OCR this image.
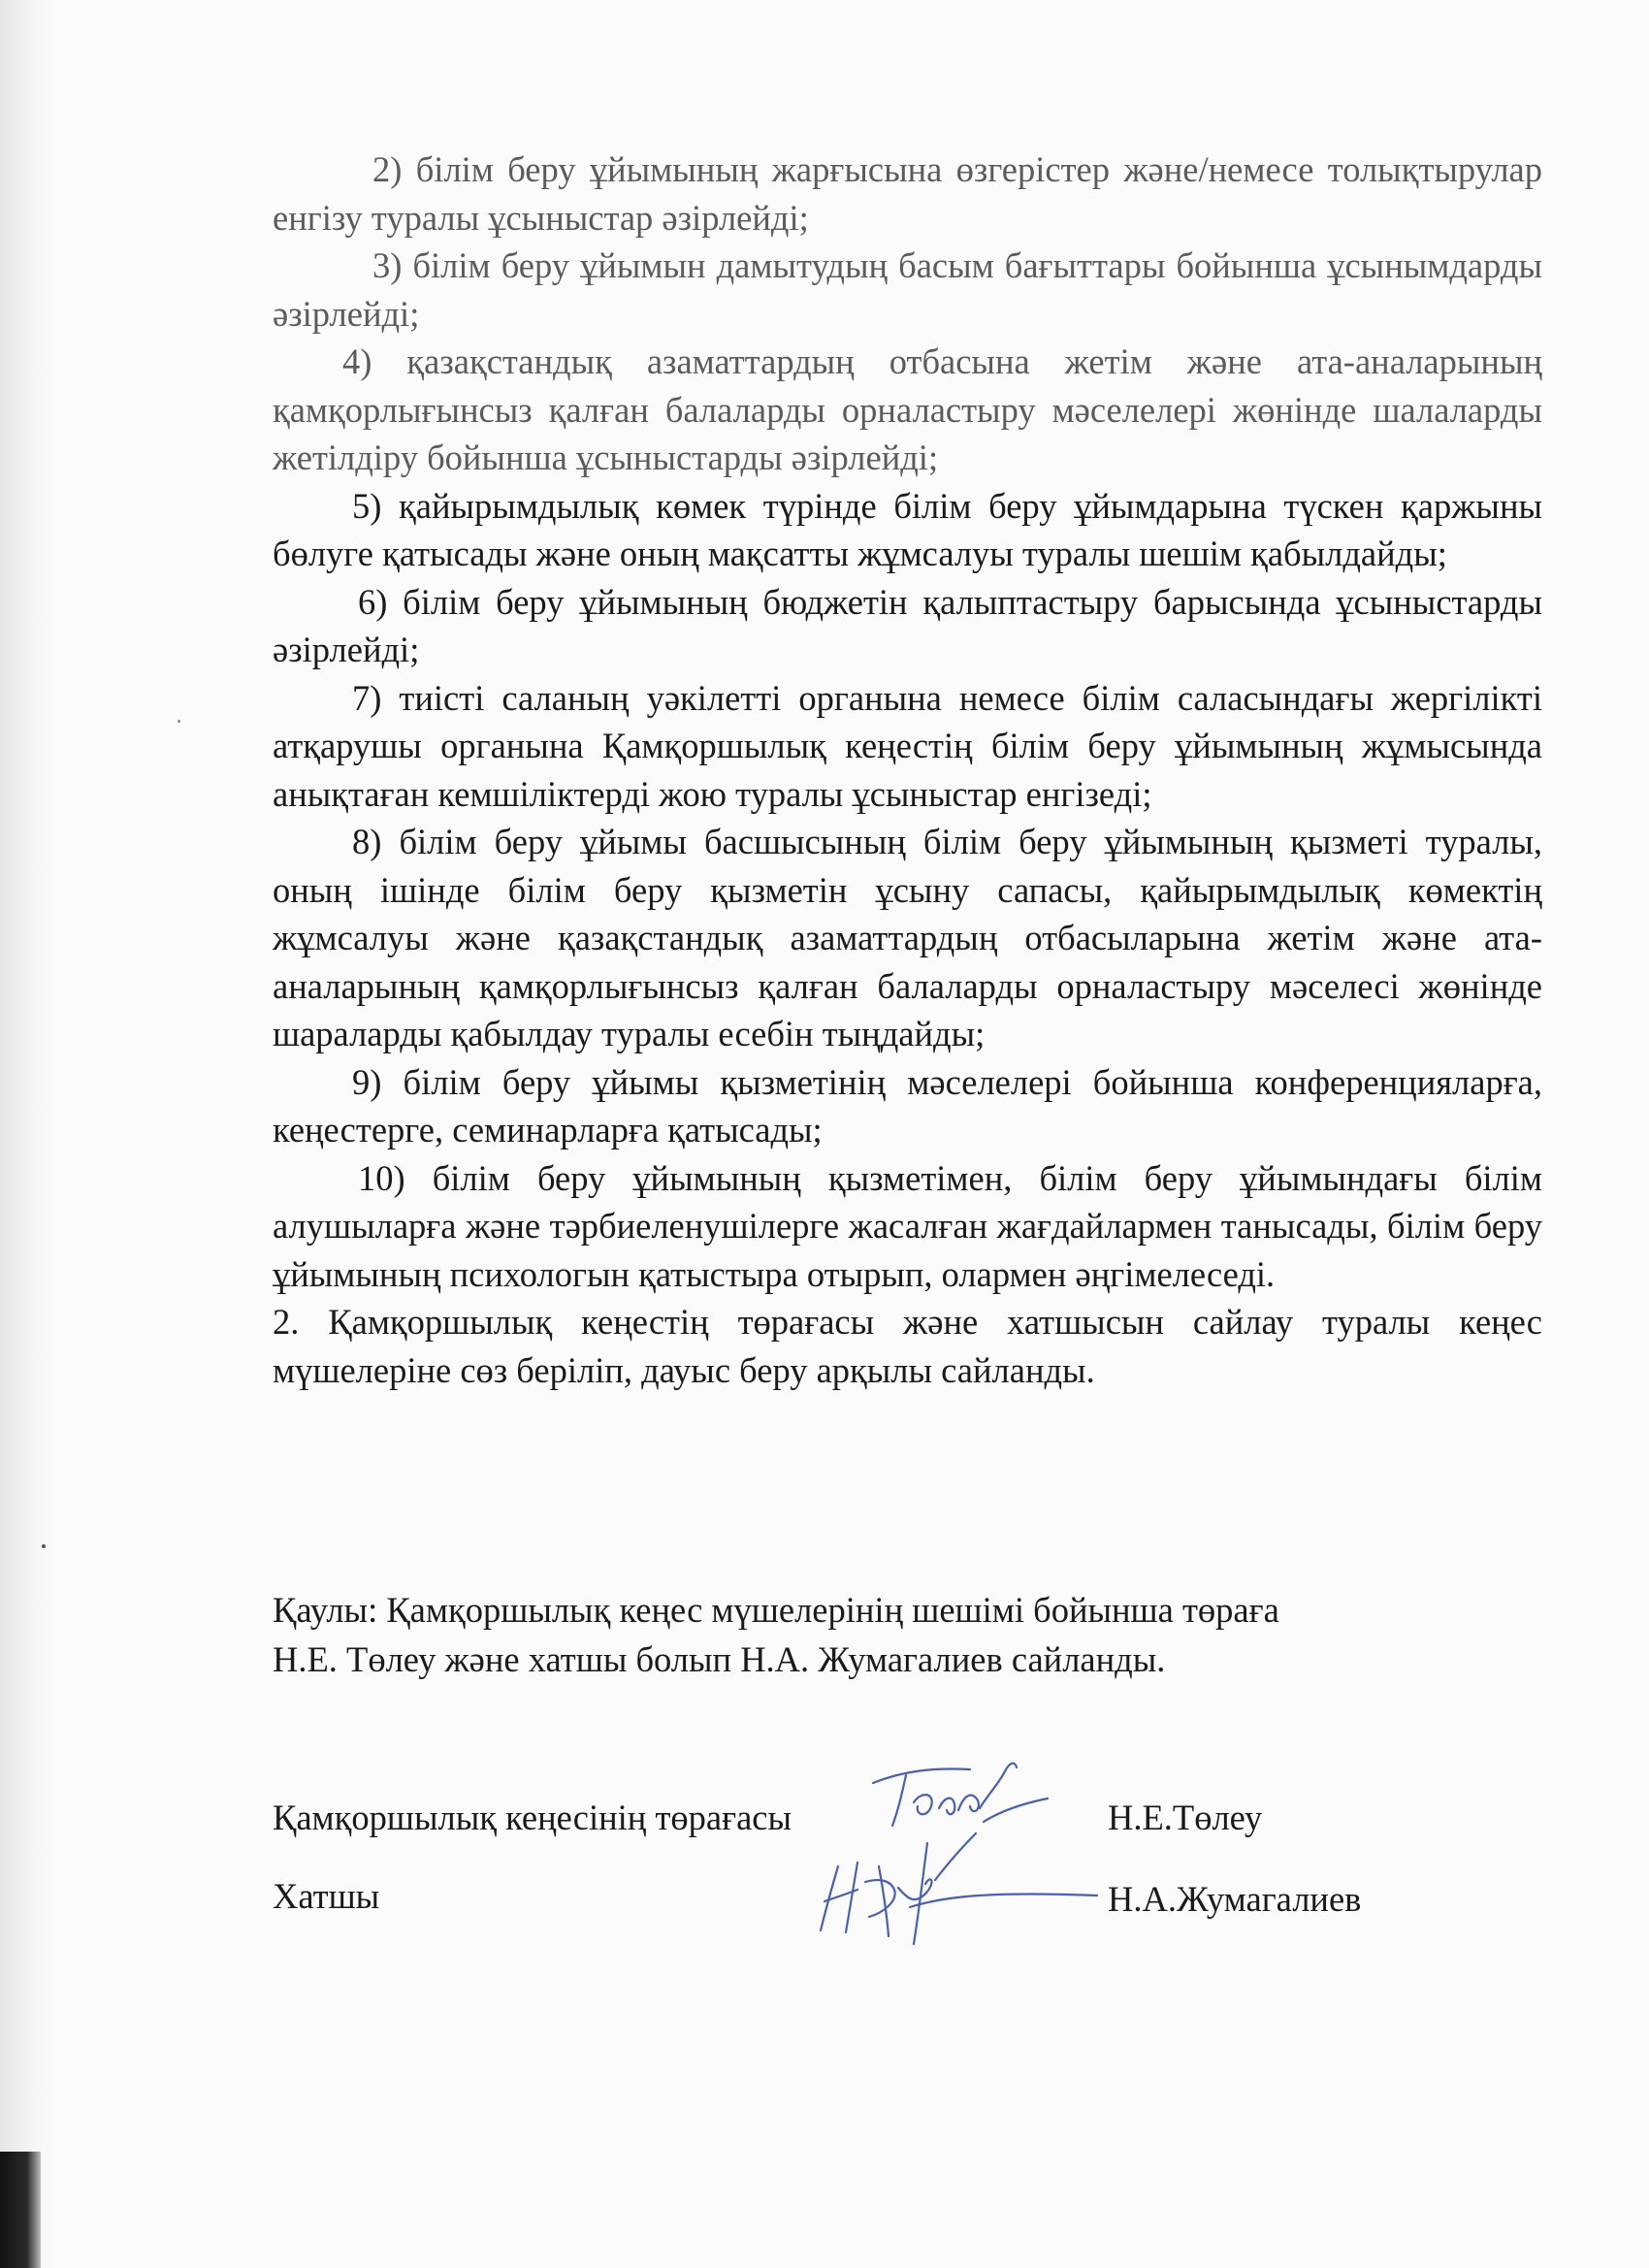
2) білім беру ұйымының жарғысына өзгерістер және/немесе толықтырулар енгізу туралы ұсыныстар әзірлейді;

3) білім беру ұйымын дамытудың басым бағыттары бойынша ұсынымдарды әзірлейді;

4) қазақстандық азаматтардың отбасына жетім және ата-аналарының қамқорлығынсыз қалған балаларды орналастыру мәселелері жөнінде шалаларды жетілдіру бойынша ұсыныстарды әзірлейді;

5) қайырымдылық көмек түрінде білім беру ұйымдарына түскен қаржыны бөлуге қатысады және оның мақсатты жұмсалуы туралы шешім қабылдайды;

6) білім беру ұйымының бюджетін қалыптастыру барысында ұсыныстарды әзірлейді;

7) тиісті саланың уәкілетті органына немесе білім саласындағы жергілікті атқарушы органына Қамқоршылық кеңестің білім беру ұйымының жұмысында анықтаған кемшіліктерді жою туралы ұсыныстар енгізеді;

8) білім беру ұйымы басшысының білім беру ұйымының қызметі туралы, оның ішінде білім беру қызметін ұсыну сапасы, қайырымдылық көмектің жұмсалуы және қазақстандық азаматтардың отбасыларына жетім және ата-аналарының қамқорлығынсыз қалған балаларды орналастыру мәселесі жөнінде шараларды қабылдау туралы есебін тыңдайды;

9) білім беру ұйымы қызметінің мәселелері бойынша конференцияларға, кеңестерге, семинарларға қатысады;

10) білім беру ұйымының қызметімен, білім беру ұйымындағы білім алушыларға және тәрбиеленушілерге жасалған жағдайлармен танысады, білім беру ұйымының психологын қатыстыра отырып, олармен әңгімелеседі.

2. Қамқоршылық кеңестің төрағасы және хатшысын сайлау туралы кеңес мүшелеріне сөз беріліп, дауыс беру арқылы сайланды.

Қаулы: Қамқоршылық кеңес мүшелерінің шешімі бойынша төраға

Н.Е. Төлеу және хатшы болып Н.А. Жумагалиев сайланды.

Қамқоршылық кеңесінің төрағасы	Н.Е.Төлеу
Хатшы	Н.А.Жумагалиев
